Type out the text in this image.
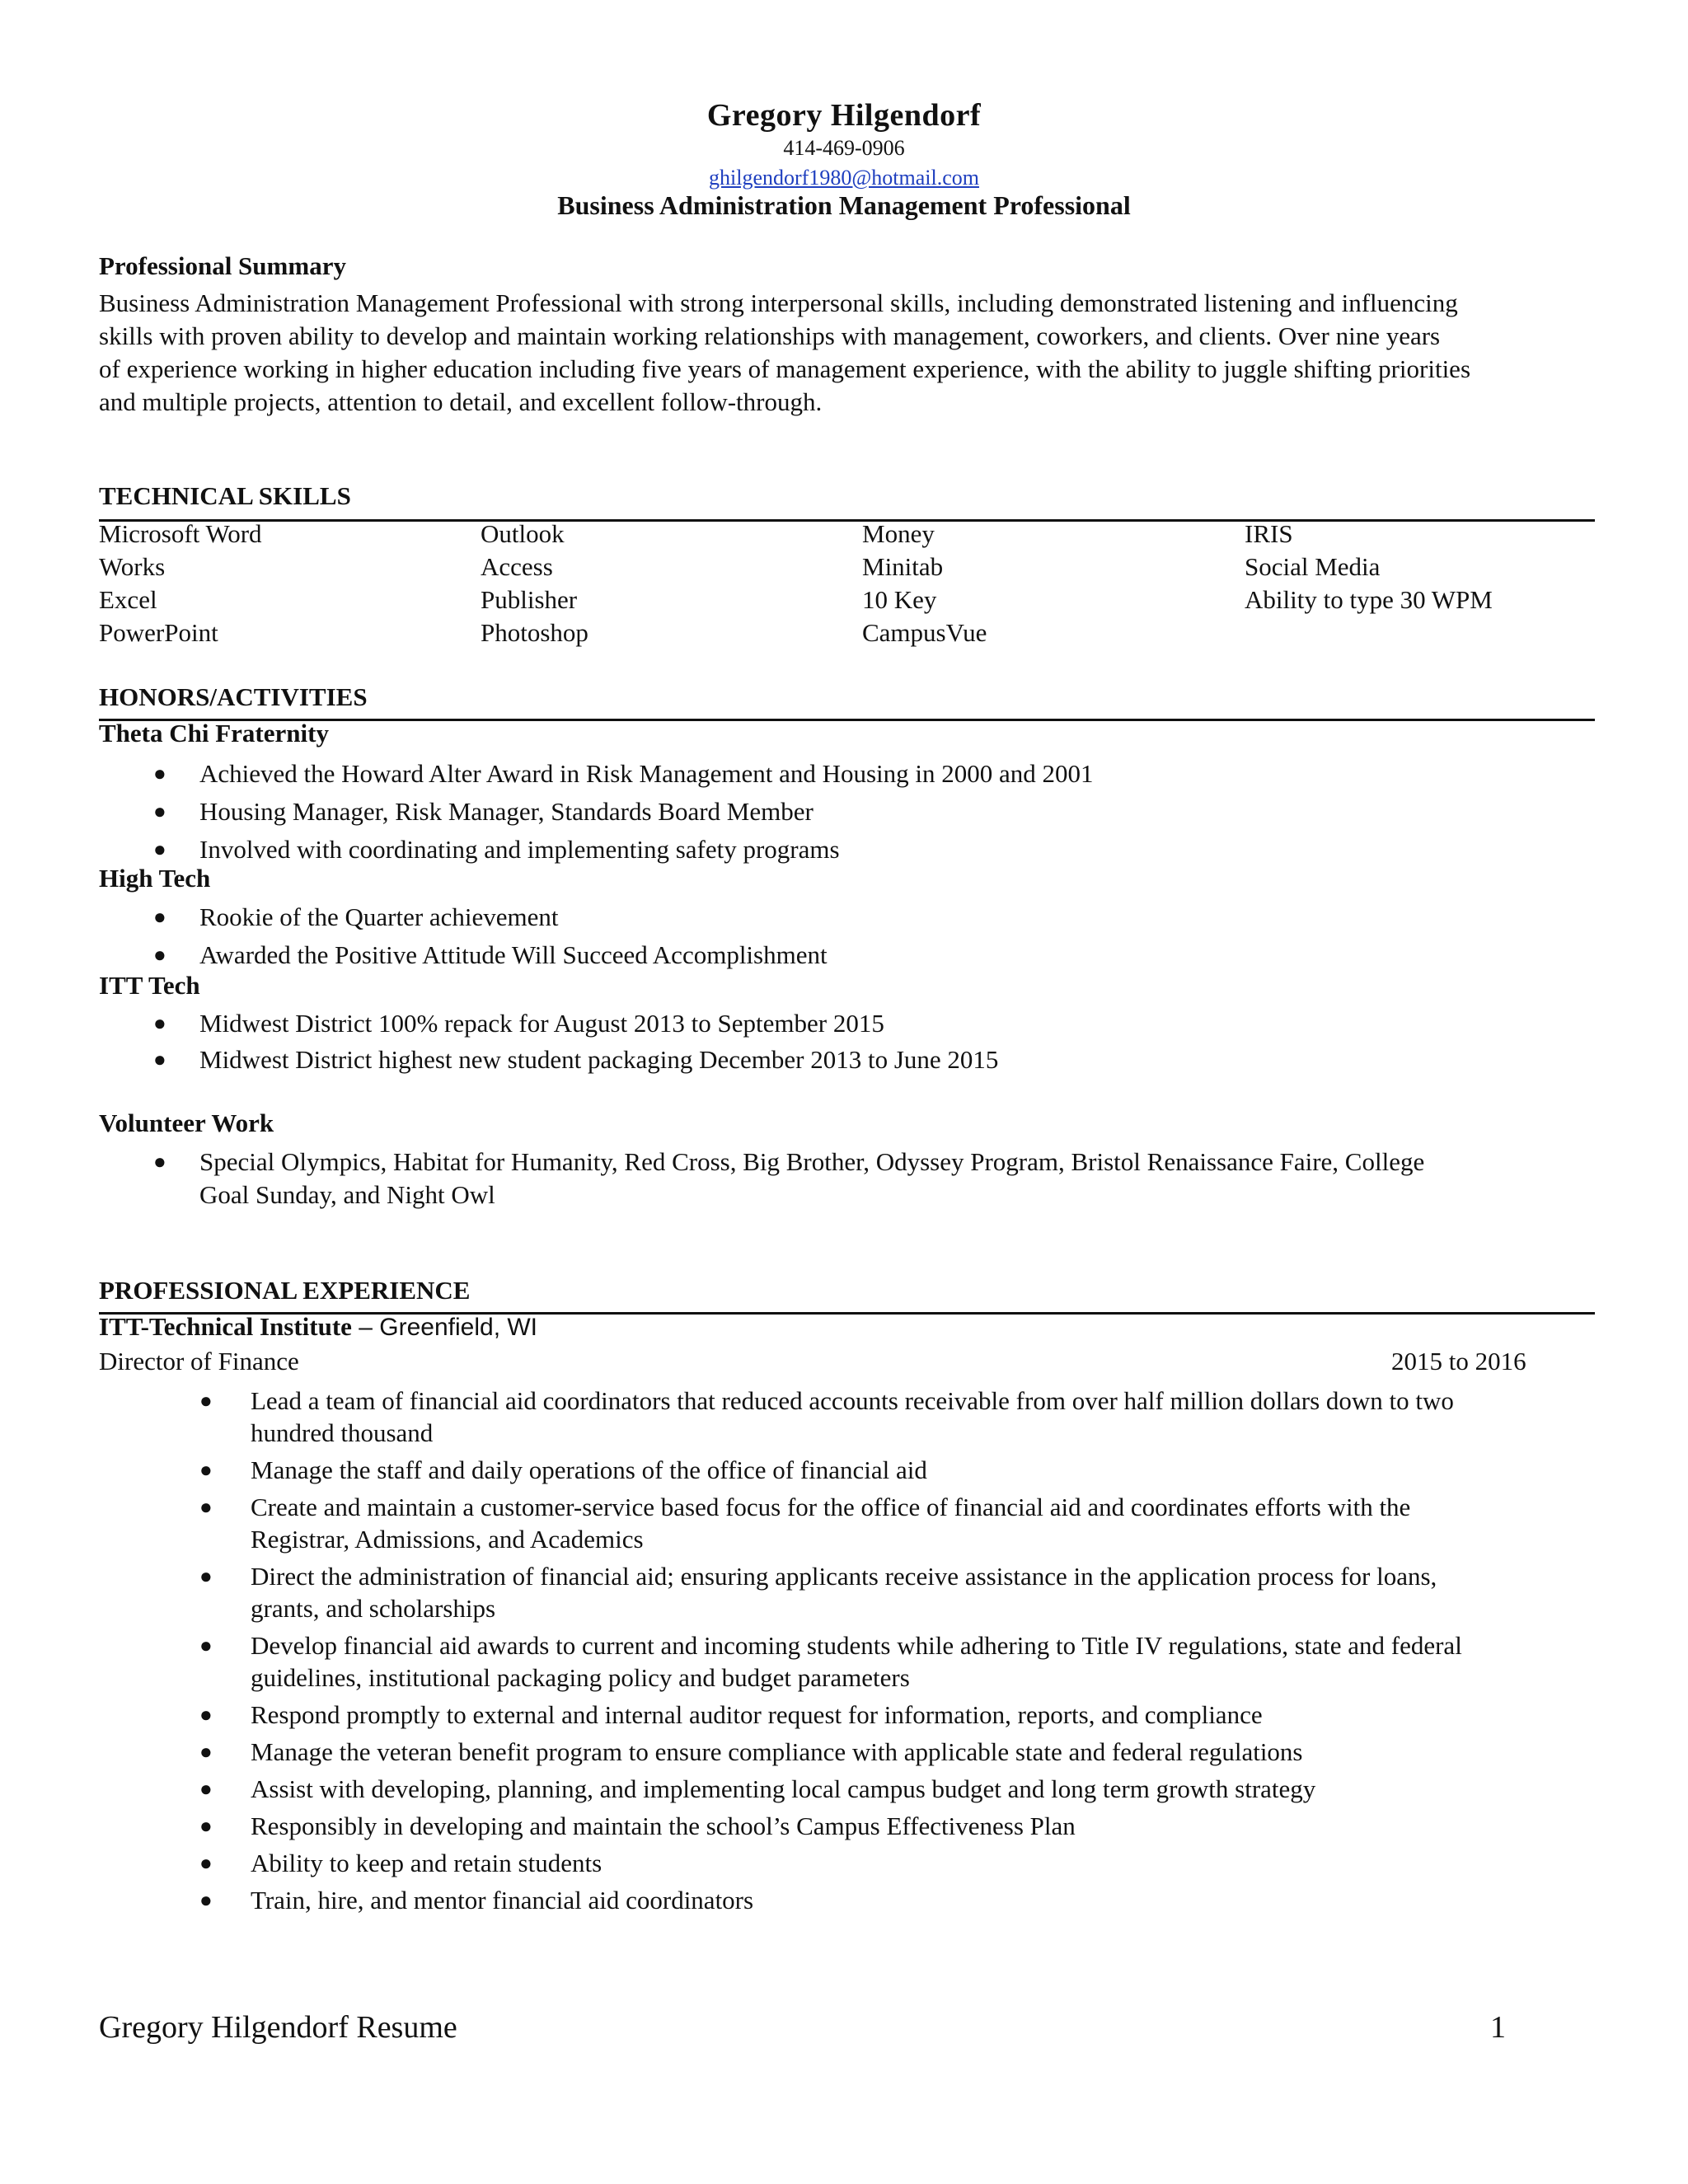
Gregory Hilgendorf
414-469-0906
ghilgendorf1980@hotmail.com
Business Administration Management Professional
Professional Summary
Business Administration Management Professional with strong interpersonal skills, including demonstrated listening and influencing
skills with proven ability to develop and maintain working relationships with management, coworkers, and clients. Over nine years
of experience working in higher education including five years of management experience, with the ability to juggle shifting priorities
and multiple projects, attention to detail, and excellent follow-through.
TECHNICAL SKILLS
Microsoft Word
Works
Excel
PowerPoint
Outlook
Access
Publisher
Photoshop
Money
Minitab
10 Key
CampusVue
IRIS
Social Media
Ability to type 30 WPM
HONORS/ACTIVITIES
Theta Chi Fraternity
● Achieved the Howard Alter Award in Risk Management and Housing in 2000 and 2001
● Housing Manager, Risk Manager, Standards Board Member
● Involved with coordinating and implementing safety programs
High Tech
● Rookie of the Quarter achievement
● Awarded the Positive Attitude Will Succeed Accomplishment
ITT Tech
● Midwest District 100% repack for August 2013 to September 2015
● Midwest District highest new student packaging December 2013 to June 2015
Volunteer Work
● Special Olympics, Habitat for Humanity, Red Cross, Big Brother, Odyssey Program, Bristol Renaissance Faire, College
Goal Sunday, and Night Owl
PROFESSIONAL EXPERIENCE
ITT-Technical Institute – Greenfield, WI
Director of Finance	2015 to 2016
● Lead a team of financial aid coordinators that reduced accounts receivable from over half million dollars down to two
hundred thousand
● Manage the staff and daily operations of the office of financial aid
● Create and maintain a customer-service based focus for the office of financial aid and coordinates efforts with the
Registrar, Admissions, and Academics
● Direct the administration of financial aid; ensuring applicants receive assistance in the application process for loans,
grants, and scholarships
● Develop financial aid awards to current and incoming students while adhering to Title IV regulations, state and federal
guidelines, institutional packaging policy and budget parameters
● Respond promptly to external and internal auditor request for information, reports, and compliance
● Manage the veteran benefit program to ensure compliance with applicable state and federal regulations
● Assist with developing, planning, and implementing local campus budget and long term growth strategy
● Responsibly in developing and maintain the school’s Campus Effectiveness Plan
● Ability to keep and retain students
● Train, hire, and mentor financial aid coordinators
Gregory Hilgendorf Resume	1
